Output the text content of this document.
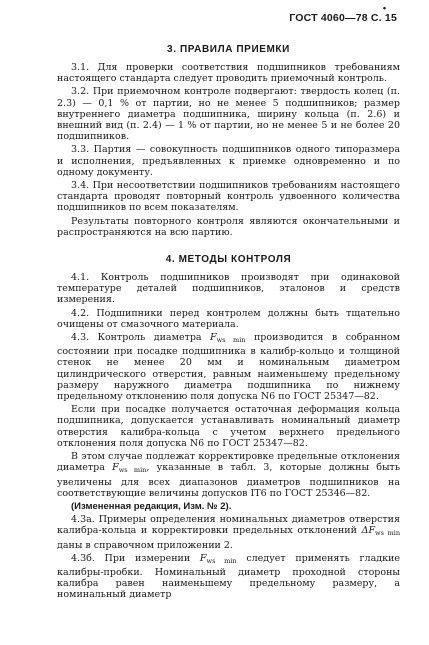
•
ГОСТ 4060—78 С. 15
3. ПРАВИЛА ПРИЕМКИ

3.1. Для проверки соответствия подшипников требованиям настоящего стандарта следует проводить приемочный контроль.

3.2. При приемочном контроле подвергают: твердость колец (п. 2.3) — 0,1 % от партии, но не менее 5 подшипников; размер внутреннего диаметра подшипника, ширину кольца (п. 2.6) и внешний вид (п. 2.4) — 1 % от партии, но не менее 5 и не более 20 подшипников.

3.3. Партия — совокупность подшипников одного типоразмера и исполнения, предъявленных к приемке одновременно и по одному документу.

3.4. При несоответствии подшипников требованиям настоящего стандарта проводят повторный контроль удвоенного количества подшипников по всем показателям.

Результаты повторного контроля являются окончательными и распространяются на всю партию.

4. МЕТОДЫ КОНТРОЛЯ

4.1. Контроль подшипников производят при одинаковой температуре деталей подшипников, эталонов и средств измерения.

4.2. Подшипники перед контролем должны быть тщательно очищены от смазочного материала.

4.3. Контроль диаметра $F_{ws min}$ производится в собранном состоянии при посадке подшипника в калибр-кольцо и толщиной стенок не менее 20 мм и номинальным диаметром цилиндрического отверстия, равным наименьшему предельному размеру наружного диаметра подшипника по нижнему предельному отклонению поля допуска N6 по ГОСТ 25347—82.

Если при посадке получается остаточная деформация кольца подшипника, допускается устанавливать номинальный диаметр отверстия калибра-кольца с учетом верхнего предельного отклонения поля допуска N6 по ГОСТ 25347—82.

В этом случае подлежат корректировке предельные отклонения диаметра $F_{ws min}$, указанные в табл. 3, которые должны быть увеличены для всех диапазонов диаметров подшипников на соответствующие величины допусков IT6 по ГОСТ 25346—82.

(Измененная редакция, Изм. № 2).

4.3а. Примеры определения номинальных диаметров отверстия калибра-кольца и корректировки предельных отклонений $\Delta F_{ws min}$ даны в справочном приложении 2.

4.3б. При измерении $F_{ws min}$ следует применять гладкие калибры-пробки. Номинальный диаметр проходной стороны калибра равен наименьшему предельному размеру, а номинальный диаметр
